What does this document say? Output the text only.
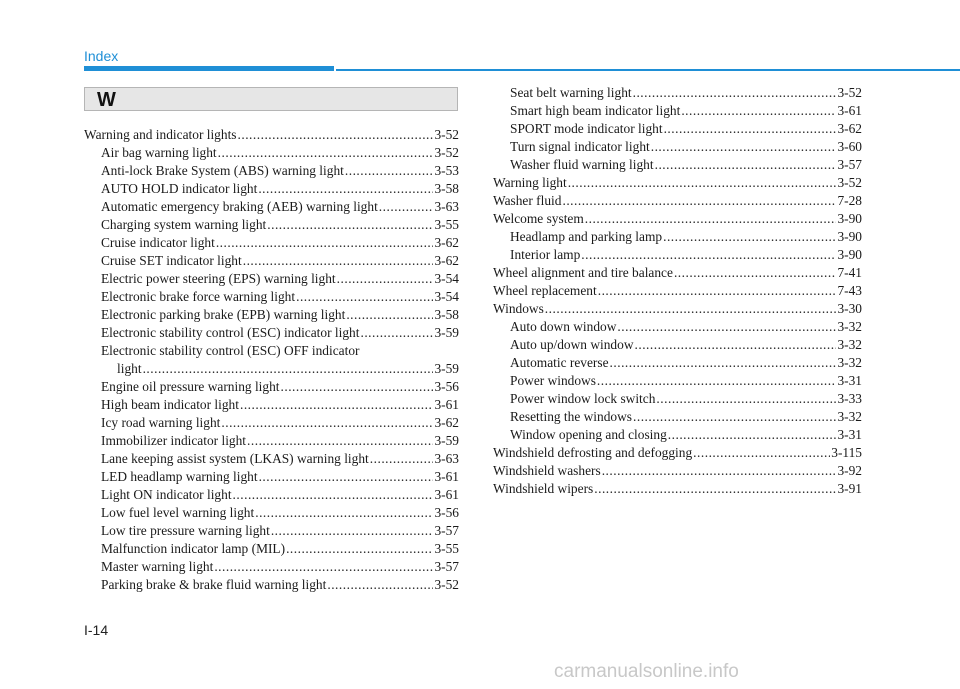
Index
W
Warning and indicator lights .....	3-52
Air bag warning light .....	3-52
Anti-lock Brake System (ABS) warning light .....	3-53
AUTO HOLD indicator light .....	3-58
Automatic emergency braking (AEB) warning light .....	3-63
Charging system warning light .....	3-55
Cruise indicator light .....	3-62
Cruise SET indicator light .....	3-62
Electric power steering (EPS) warning light .....	3-54
Electronic brake force warning light .....	3-54
Electronic parking brake (EPB) warning light .....	3-58
Electronic stability control (ESC) indicator light .....	3-59
Electronic stability control (ESC) OFF indicator
light .....	3-59
Engine oil pressure warning light .....	3-56
High beam indicator light .....	3-61
Icy road warning light .....	3-62
Immobilizer indicator light .....	3-59
Lane keeping assist system (LKAS) warning light .....	3-63
LED headlamp warning light .....	3-61
Light ON indicator light .....	3-61
Low fuel level warning light .....	3-56
Low tire pressure warning light .....	3-57
Malfunction indicator lamp (MIL) .....	3-55
Master warning light .....	3-57
Parking brake & brake fluid warning light .....	3-52
Seat belt warning light .....	3-52
Smart high beam indicator light .....	3-61
SPORT mode indicator light .....	3-62
Turn signal indicator light .....	3-60
Washer fluid warning light .....	3-57
Warning light .....	3-52
Washer fluid .....	7-28
Welcome system .....	3-90
Headlamp and parking lamp .....	3-90
Interior lamp .....	3-90
Wheel alignment and tire balance .....	7-41
Wheel replacement .....	7-43
Windows .....	3-30
Auto down window .....	3-32
Auto up/down window .....	3-32
Automatic reverse .....	3-32
Power windows .....	3-31
Power window lock switch .....	3-33
Resetting the windows .....	3-32
Window opening and closing .....	3-31
Windshield defrosting and defogging .....	3-115
Windshield washers .....	3-92
Windshield wipers .....	3-91
I-14
carmanualsonline.info
